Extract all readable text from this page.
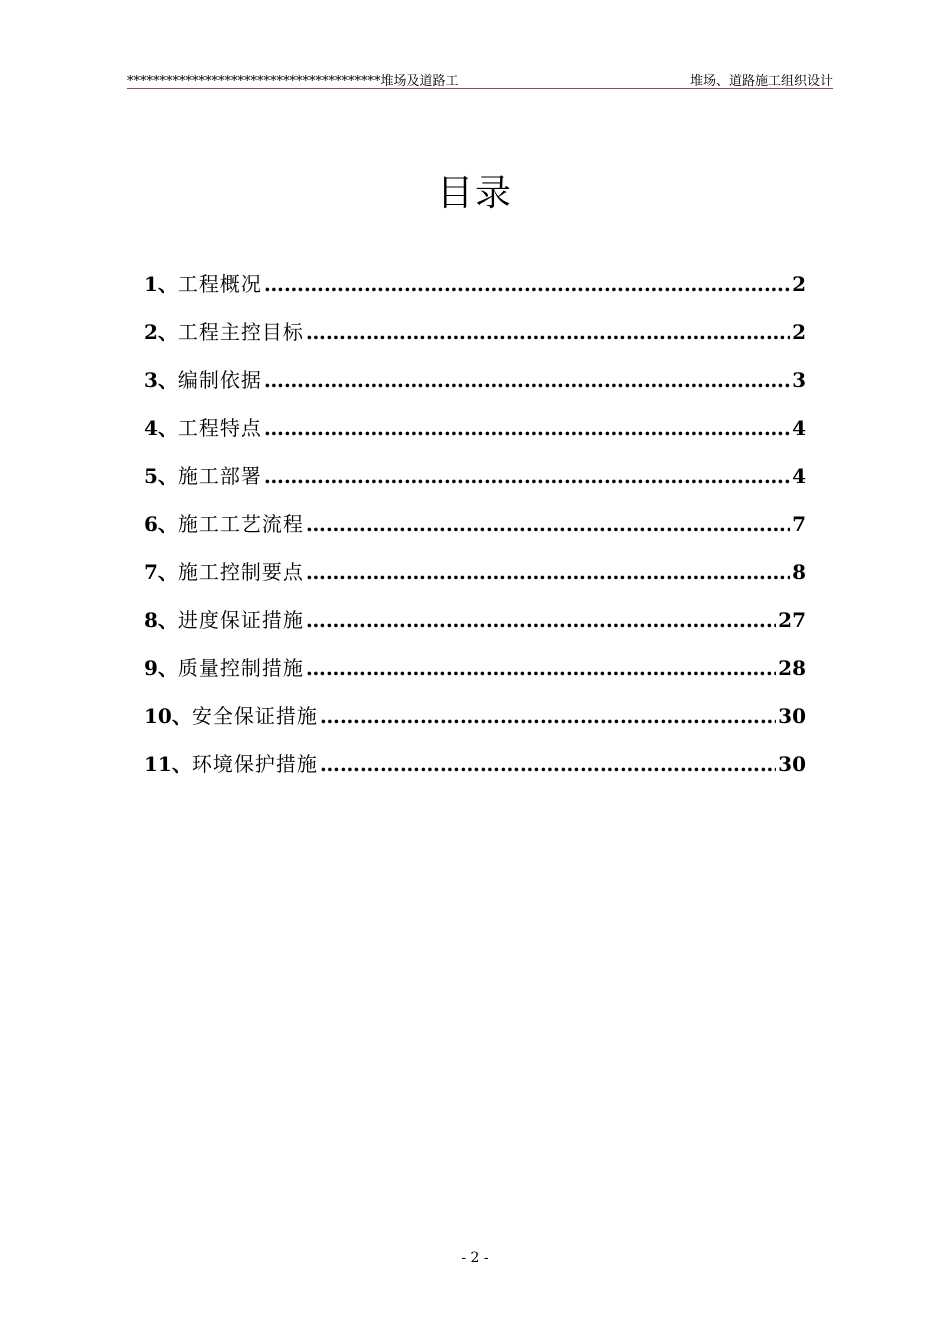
***************************************堆场及道路工	堆场、道路施工组织设计
目录
1、 工程概况 …………………………………………………………………………………………………………………………	2
2、 工程主控目标 …………………………………………………………………………………………………………………………	2
3、 编制依据 …………………………………………………………………………………………………………………………	3
4、 工程特点 …………………………………………………………………………………………………………………………	4
5、 施工部署 …………………………………………………………………………………………………………………………	4
6、 施工工艺流程 …………………………………………………………………………………………………………………………	7
7、 施工控制要点 …………………………………………………………………………………………………………………………	8
8、 进度保证措施 …………………………………………………………………………………………………………………………	27
9、 质量控制措施 …………………………………………………………………………………………………………………………	28
10、 安全保证措施 …………………………………………………………………………………………………………………………	30
11、 环境保护措施 …………………………………………………………………………………………………………………………	30
- 2 -
